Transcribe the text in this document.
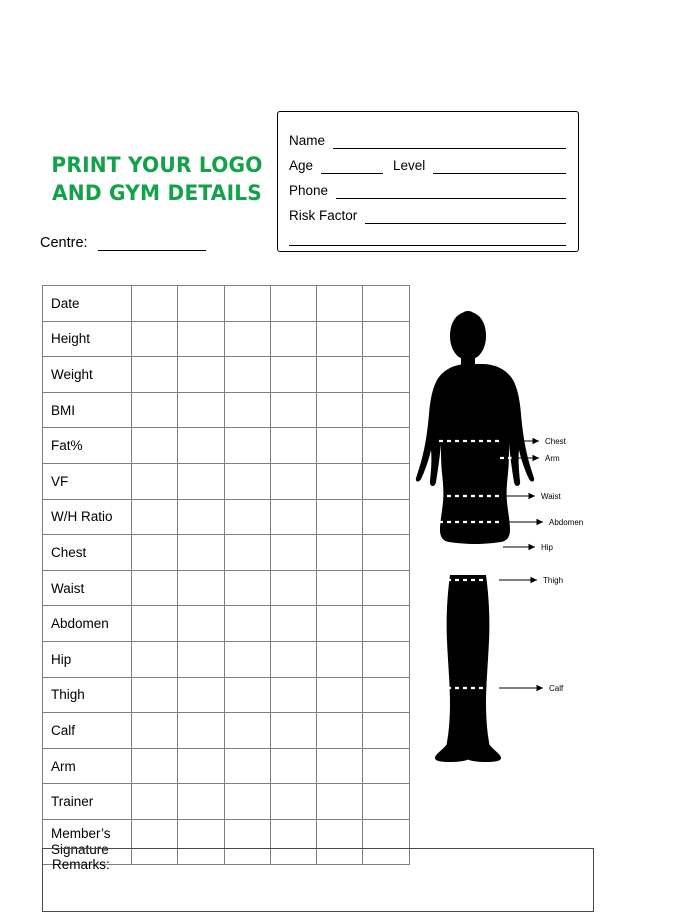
PRINT YOUR LOGO
AND GYM DETAILS
Centre:
Name
Age	Level
Phone
Risk Factor
Date						
Height						
Weight						
BMI						
Fat%						
VF						
W/H Ratio						
Chest						
Waist						
Abdomen						
Hip						
Thigh						
Calf						
Arm						
Trainer						

Member’s
Signature						

Remarks:
Chest
Arm
Waist
Abdomen
Hip
Thigh
Calf
